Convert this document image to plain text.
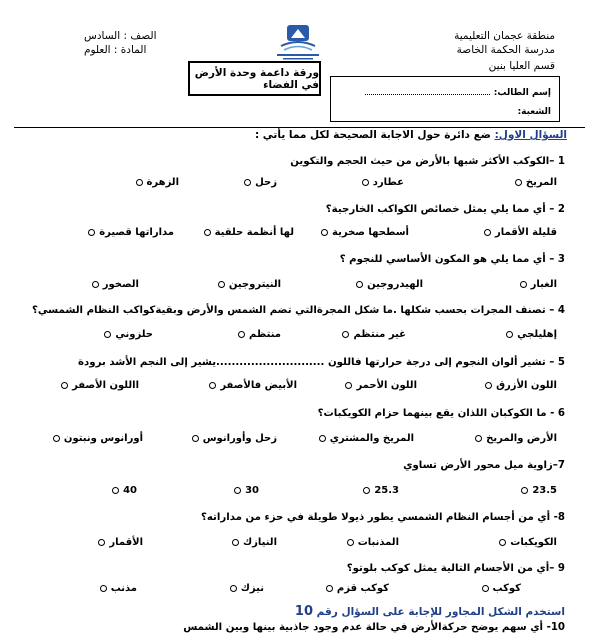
منطقة عجمان التعليمية
مدرسة الحكمة الخاصة
قسم العليا بنين
الصف : السادس
المادة : العلوم
ورقة داعمة وحدة الأرض في الفضاء
إسم الطالب:
الشعبة:
السؤال الاول: ضع دائرة حول الاجابة الصحيحة لكل مما يأتي :
1 –الكوكب الأكثر شبها بالأرض من حيث الحجم والتكوين
المريخ
عطارد
زحل
الزهرة
2 – أي مما يلي يمثل خصائص الكواكب الخارجية؟
قليلة الأقمار
أسطحها صخرية
لها أنظمة حلقية
مداراتها قصيرة
3 – أي مما يلي هو المكون الأساسي للنجوم ؟
الغبار
الهيدروجين
النيتروجين
الصخور
4 – تصنف المجرات بحسب شكلها .ما شكل المجرةالتي تضم الشمس والأرض وبقيةكواكب النظام الشمسي؟
إهليلجي
غير منتظم
منتظم
حلزوني
5 – تشير ألوان النجوم إلى درجة حرارتها فاللون ............................يشير إلى النجم الأشد برودة
اللون الأزرق
اللون الأحمر
الأبيض فالأصفر
االلون الأصفر
6 - ما الكوكبان اللذان يقع بينهما حزام الكويكبات؟
الأرض والمريخ
المريخ والمشتري
زحل وأورانوس
أورانوس ونبتون
7–زاوية ميل محور الأرض تساوي
23.5
25.3
30
40
8- أي من أجسام النظام الشمسي يطور ذيولا طويلة في حزء من مداراته؟
الكويكبات
المذنبات
النيازك
الأقمار
9 –أي من الأجسام التالية يمثل كوكب بلوتو؟
كوكب
كوكب قزم
نيزك
مذنب
استخدم الشكل المجاور للإجابة على السؤال رقم 10
10- أي سهم يوضح حركةالأرض في حالة عدم وجود جاذبية بينها وبين الشمس
